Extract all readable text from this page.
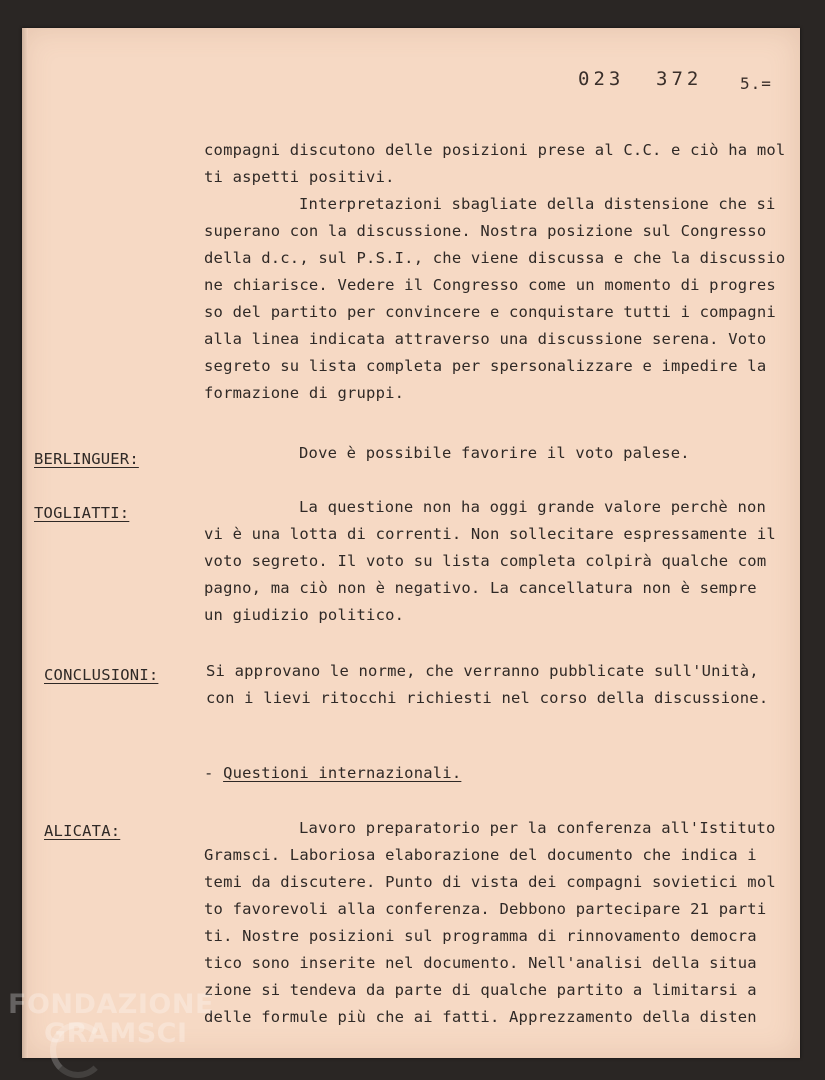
023 372 5.=
compagni discutono delle posizioni prese al C.C. e ciò ha mol
ti aspetti positivi.
Interpretazioni sbagliate della distensione che si
superano con la discussione. Nostra posizione sul Congresso
della d.c., sul P.S.I., che viene discussa e che la discussio
ne chiarisce. Vedere il Congresso come un momento di progres
so del partito per convincere e conquistare tutti i compagni
alla linea indicata attraverso una discussione serena. Voto
segreto su lista completa per spersonalizzare e impedire la
formazione di gruppi.
BERLINGUER:	Dove è possibile favorire il voto palese.
TOGLIATTI:	La questione non ha oggi grande valore perchè non
vi è una lotta di correnti. Non sollecitare espressamente il
voto segreto. Il voto su lista completa colpirà qualche com
pagno, ma ciò non è negativo. La cancellatura non è sempre
un giudizio politico.
CONCLUSIONI:	Si approvano le norme, che verranno pubblicate sull'Unità,
con i lievi ritocchi richiesti nel corso della discussione.
- Questioni internazionali.
ALICATA:	Lavoro preparatorio per la conferenza all'Istituto
Gramsci. Laboriosa elaborazione del documento che indica i
temi da discutere. Punto di vista dei compagni sovietici mol
to favorevoli alla conferenza. Debbono partecipare 21 parti
ti. Nostre posizioni sul programma di rinnovamento democra
tico sono inserite nel documento. Nell'analisi della situa
zione si tendeva da parte di qualche partito a limitarsi a
delle formule più che ai fatti. Apprezzamento della disten
FONDAZIONE
GRAMSCI
